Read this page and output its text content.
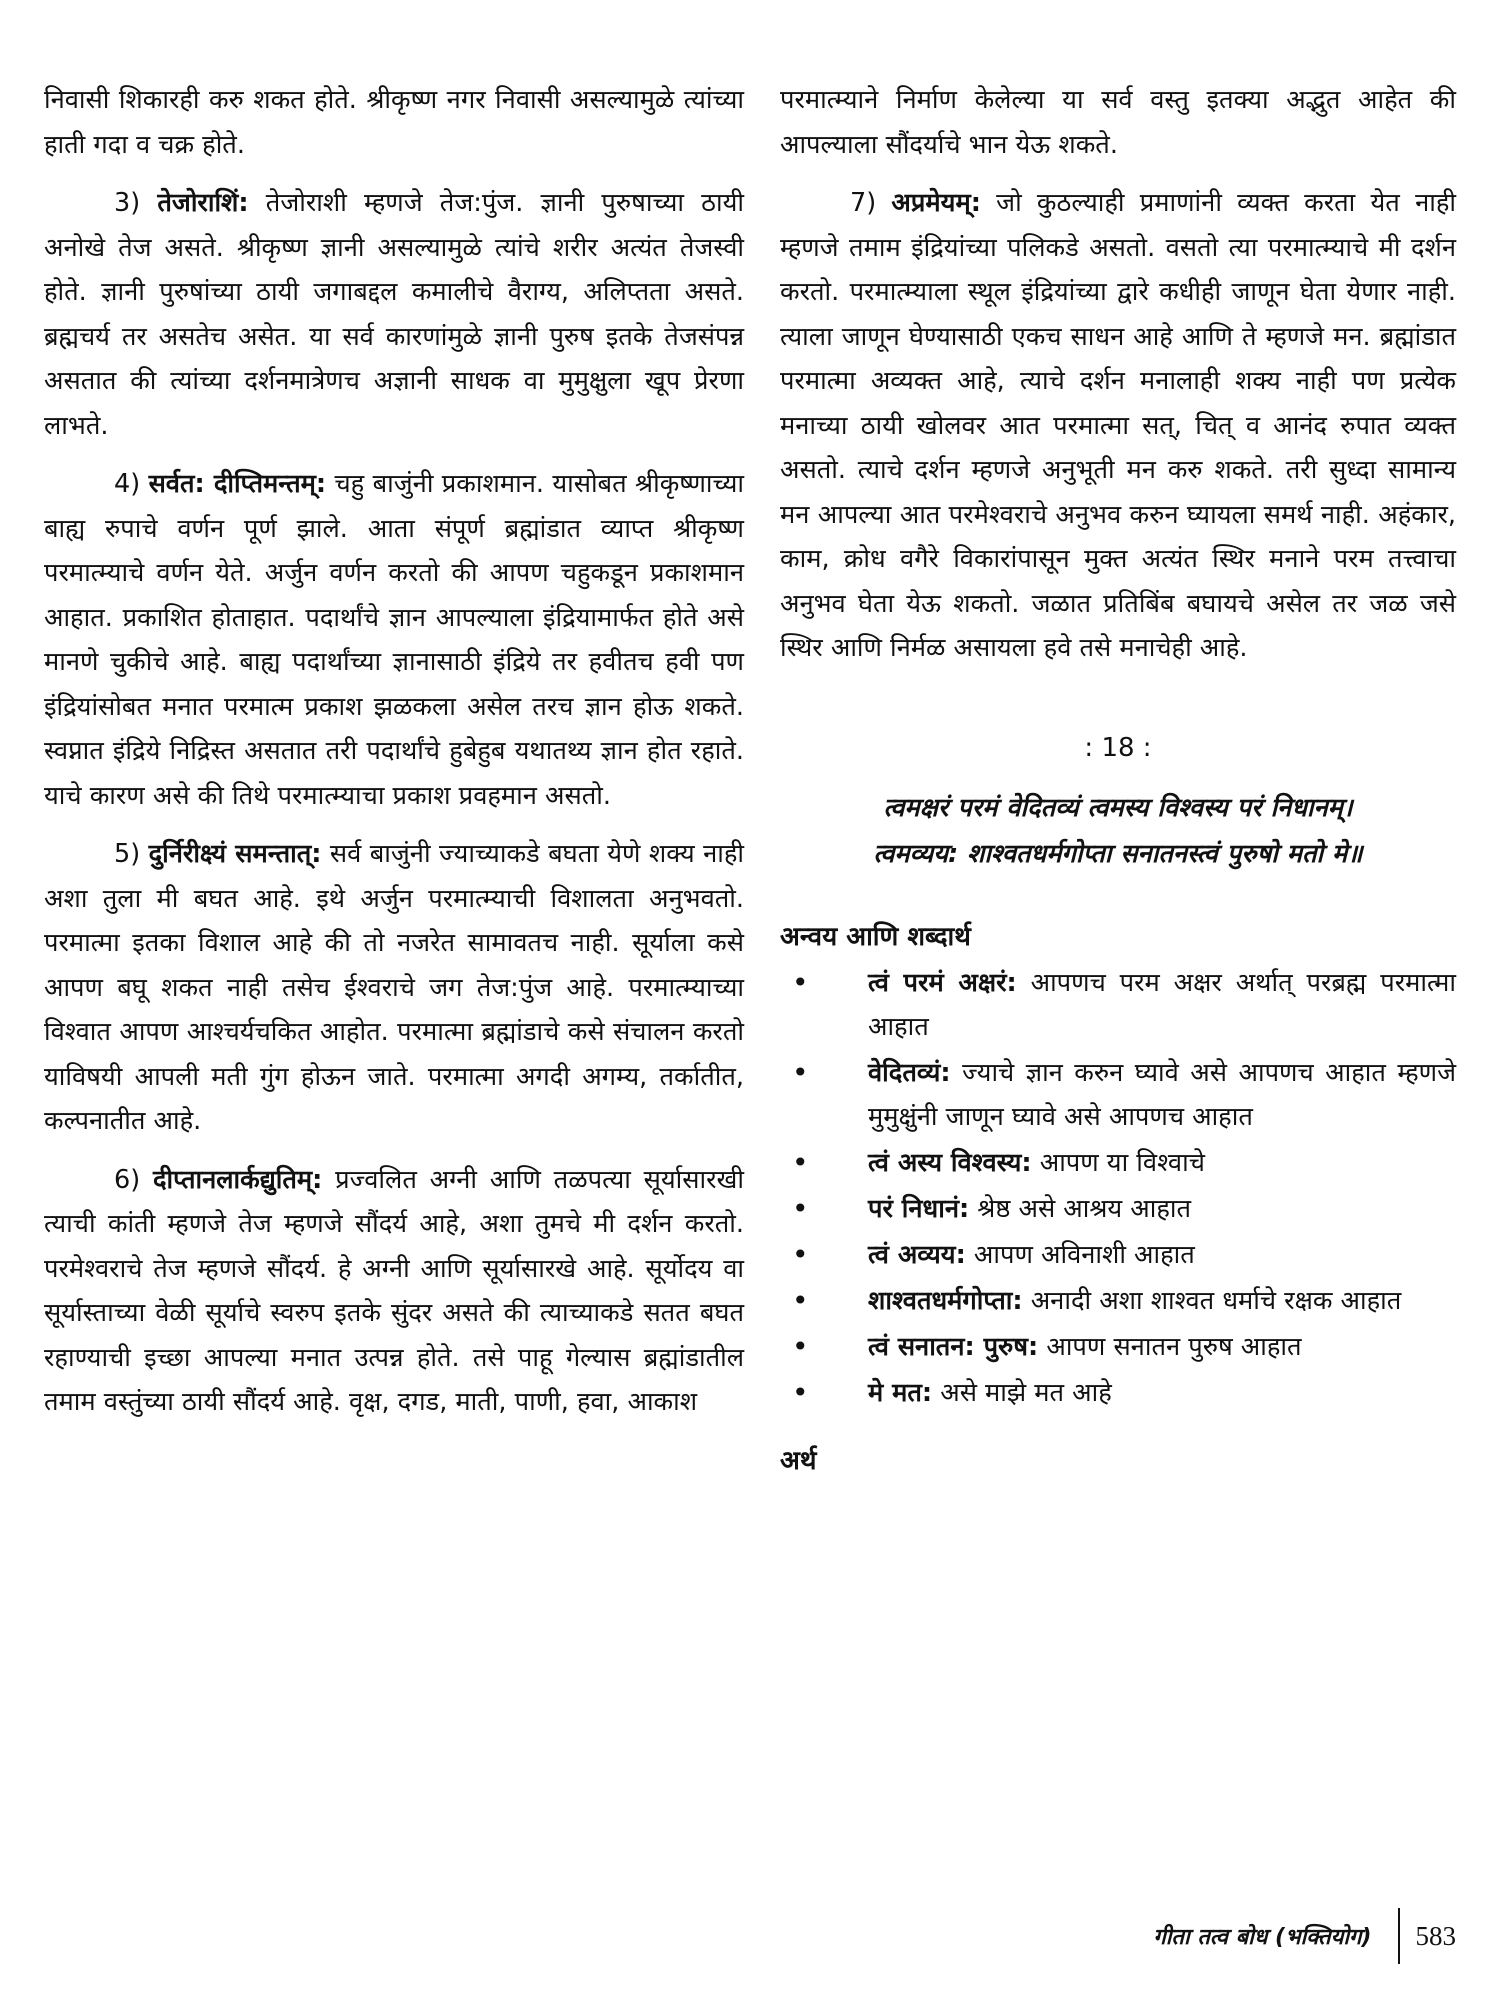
निवासी शिकारही करु शकत होते. श्रीकृष्ण नगर निवासी असल्यामुळे त्यांच्या हाती गदा व चक्र होते.

3) तेजोराशिं: तेजोराशी म्हणजे तेज:पुंज. ज्ञानी पुरुषाच्या ठायी अनोखे तेज असते. श्रीकृष्ण ज्ञानी असल्यामुळे त्यांचे शरीर अत्यंत तेजस्वी होते. ज्ञानी पुरुषांच्या ठायी जगाबद्दल कमालीचे वैराग्य, अलिप्तता असते. ब्रह्मचर्य तर असतेच असेत. या सर्व कारणांमुळे ज्ञानी पुरुष इतके तेजसंपन्न असतात की त्यांच्या दर्शनमात्रेणच अज्ञानी साधक वा मुमुक्षुला खूप प्रेरणा लाभते.

4) सर्वत: दीप्तिमन्तम्: चहु बाजुंनी प्रकाशमान. यासोबत श्रीकृष्णाच्या बाह्य रुपाचे वर्णन पूर्ण झाले. आता संपूर्ण ब्रह्मांडात व्याप्त श्रीकृष्ण परमात्म्याचे वर्णन येते. अर्जुन वर्णन करतो की आपण चहुकडून प्रकाशमान आहात. प्रकाशित होताहात. पदार्थांचे ज्ञान आपल्याला इंद्रियामार्फत होते असे मानणे चुकीचे आहे. बाह्य पदार्थांच्या ज्ञानासाठी इंद्रिये तर हवीतच हवी पण इंद्रियांसोबत मनात परमात्म प्रकाश झळकला असेल तरच ज्ञान होऊ शकते. स्वप्नात इंद्रिये निद्रिस्त असतात तरी पदार्थांचे हुबेहुब यथातथ्य ज्ञान होत रहाते. याचे कारण असे की तिथे परमात्म्याचा प्रकाश प्रवहमान असतो.

5) दुर्निरीक्ष्यं समन्तात्: सर्व बाजुंनी ज्याच्याकडे बघता येणे शक्य नाही अशा तुला मी बघत आहे. इथे अर्जुन परमात्म्याची विशालता अनुभवतो. परमात्मा इतका विशाल आहे की तो नजरेत सामावतच नाही. सूर्याला कसे आपण बघू शकत नाही तसेच ईश्वराचे जग तेज:पुंज आहे. परमात्म्याच्या विश्वात आपण आश्चर्यचकित आहोत. परमात्मा ब्रह्मांडाचे कसे संचालन करतो याविषयी आपली मती गुंग होऊन जाते. परमात्मा अगदी अगम्य, तर्कातीत, कल्पनातीत आहे.

6) दीप्तानलार्कद्युतिम्: प्रज्वलित अग्नी आणि तळपत्या सूर्यासारखी त्याची कांती म्हणजे तेज म्हणजे सौंदर्य आहे, अशा तुमचे मी दर्शन करतो. परमेश्वराचे तेज म्हणजे सौंदर्य. हे अग्नी आणि सूर्यासारखे आहे. सूर्योदय वा सूर्यास्ताच्या वेळी सूर्याचे स्वरुप इतके सुंदर असते की त्याच्याकडे सतत बघत रहाण्याची इच्छा आपल्या मनात उत्पन्न होते. तसे पाहू गेल्यास ब्रह्मांडातील तमाम वस्तुंच्या ठायी सौंदर्य आहे. वृक्ष, दगड, माती, पाणी, हवा, आकाश

परमात्म्याने निर्माण केलेल्या या सर्व वस्तु इतक्या अद्भुत आहेत की आपल्याला सौंदर्याचे भान येऊ शकते.

7) अप्रमेयम्: जो कुठल्याही प्रमाणांनी व्यक्त करता येत नाही म्हणजे तमाम इंद्रियांच्या पलिकडे असतो. वसतो त्या परमात्म्याचे मी दर्शन करतो. परमात्म्याला स्थूल इंद्रियांच्या द्वारे कधीही जाणून घेता येणार नाही. त्याला जाणून घेण्यासाठी एकच साधन आहे आणि ते म्हणजे मन. ब्रह्मांडात परमात्मा अव्यक्त आहे, त्याचे दर्शन मनालाही शक्य नाही पण प्रत्येक मनाच्या ठायी खोलवर आत परमात्मा सत्, चित् व आनंद रुपात व्यक्त असतो. त्याचे दर्शन म्हणजे अनुभूती मन करु शकते. तरी सुध्दा सामान्य मन आपल्या आत परमेश्वराचे अनुभव करुन घ्यायला समर्थ नाही. अहंकार, काम, क्रोध वगैरे विकारांपासून मुक्त अत्यंत स्थिर मनाने परम तत्त्वाचा अनुभव घेता येऊ शकतो. जळात प्रतिबिंब बघायचे असेल तर जळ जसे स्थिर आणि निर्मळ असायला हवे तसे मनाचेही आहे.

: 18 :
त्वमक्षरं परमं वेदितव्यं त्वमस्य विश्वस्य परं निधानम्।
त्वमव्यय: शाश्वतधर्मगोप्ता सनातनस्त्वं पुरुषो मतो मे॥
अन्वय आणि शब्दार्थ
• त्वं परमं अक्षरं: आपणच परम अक्षर अर्थात् परब्रह्म परमात्मा आहात
• वेदितव्यं: ज्याचे ज्ञान करुन घ्यावे असे आपणच आहात म्हणजे मुमुक्षुंनी जाणून घ्यावे असे आपणच आहात
• त्वं अस्य विश्वस्य: आपण या विश्वाचे
• परं निधानं: श्रेष्ठ असे आश्रय आहात
• त्वं अव्यय: आपण अविनाशी आहात
• शाश्वतधर्मगोप्ता: अनादी अशा शाश्वत धर्माचे रक्षक आहात
• त्वं सनातन: पुरुष: आपण सनातन पुरुष आहात
• मे मत: असे माझे मत आहे
अर्थ
गीता तत्व बोध (भक्तियोग) 583
